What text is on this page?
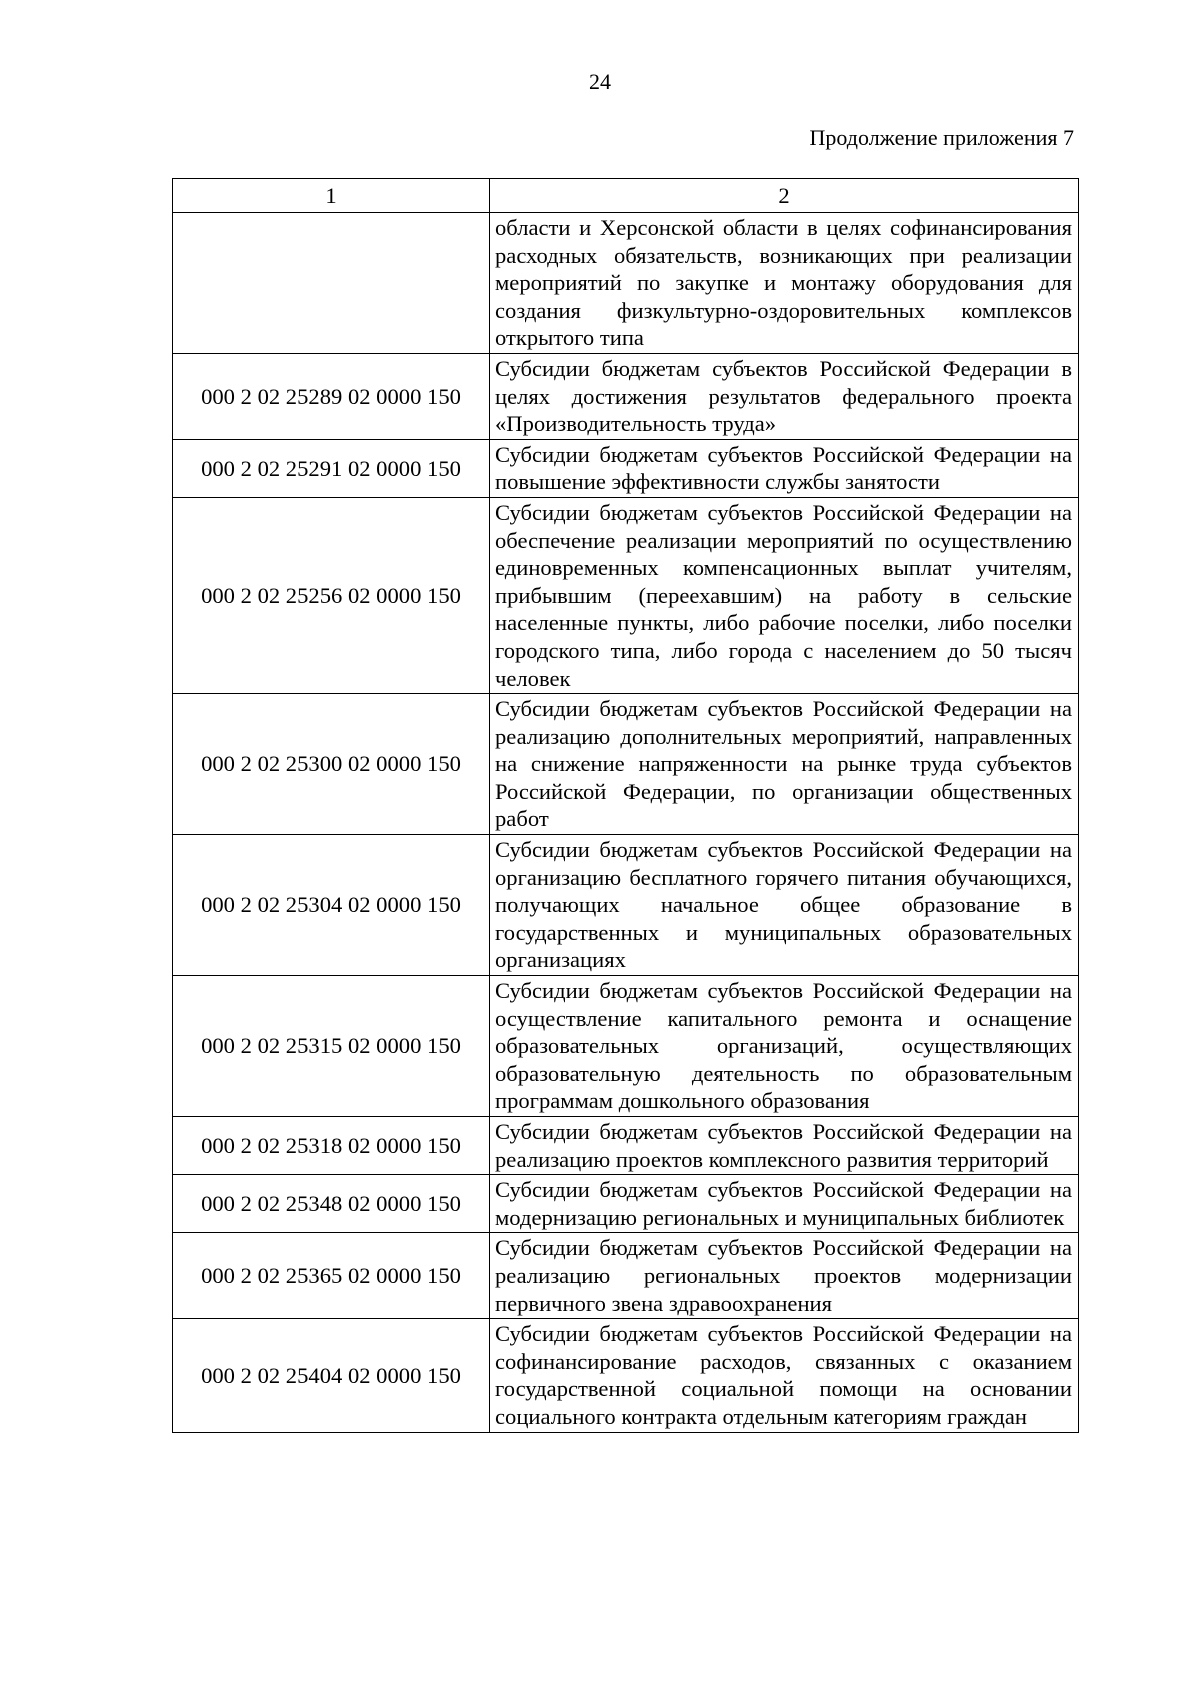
24
Продолжение приложения 7
1	2
	области и Херсонской области в целях софинансирования расходных обязательств, возникающих при реализации мероприятий по закупке и монтажу оборудования для создания физкультурно-оздоровительных комплексов открытого типа
000 2 02 25289 02 0000 150	Субсидии бюджетам субъектов Российской Федерации в целях достижения результатов федерального проекта «Производительность труда»
000 2 02 25291 02 0000 150	Субсидии бюджетам субъектов Российской Федерации на повышение эффективности службы занятости
000 2 02 25256 02 0000 150	Субсидии бюджетам субъектов Российской Федерации на обеспечение реализации мероприятий по осуществлению единовременных компенсационных выплат учителям, прибывшим (переехавшим) на работу в сельские населенные пункты, либо рабочие поселки, либо поселки городского типа, либо города с населением до 50 тысяч человек
000 2 02 25300 02 0000 150	Субсидии бюджетам субъектов Российской Федерации на реализацию дополнительных мероприятий, направленных на снижение напряженности на рынке труда субъектов Российской Федерации, по организации общественных работ
000 2 02 25304 02 0000 150	Субсидии бюджетам субъектов Российской Федерации на организацию бесплатного горячего питания обучающихся, получающих начальное общее образование в государственных и муниципальных образовательных организациях
000 2 02 25315 02 0000 150	Субсидии бюджетам субъектов Российской Федерации на осуществление капитального ремонта и оснащение образовательных организаций, осуществляющих образовательную деятельность по образовательным программам дошкольного образования
000 2 02 25318 02 0000 150	Субсидии бюджетам субъектов Российской Федерации на реализацию проектов комплексного развития территорий
000 2 02 25348 02 0000 150	Субсидии бюджетам субъектов Российской Федерации на модернизацию региональных и муниципальных библиотек
000 2 02 25365 02 0000 150	Субсидии бюджетам субъектов Российской Федерации на реализацию региональных проектов модернизации первичного звена здравоохранения
000 2 02 25404 02 0000 150	Субсидии бюджетам субъектов Российской Федерации на софинансирование расходов, связанных с оказанием государственной социальной помощи на основании социального контракта отдельным категориям граждан
